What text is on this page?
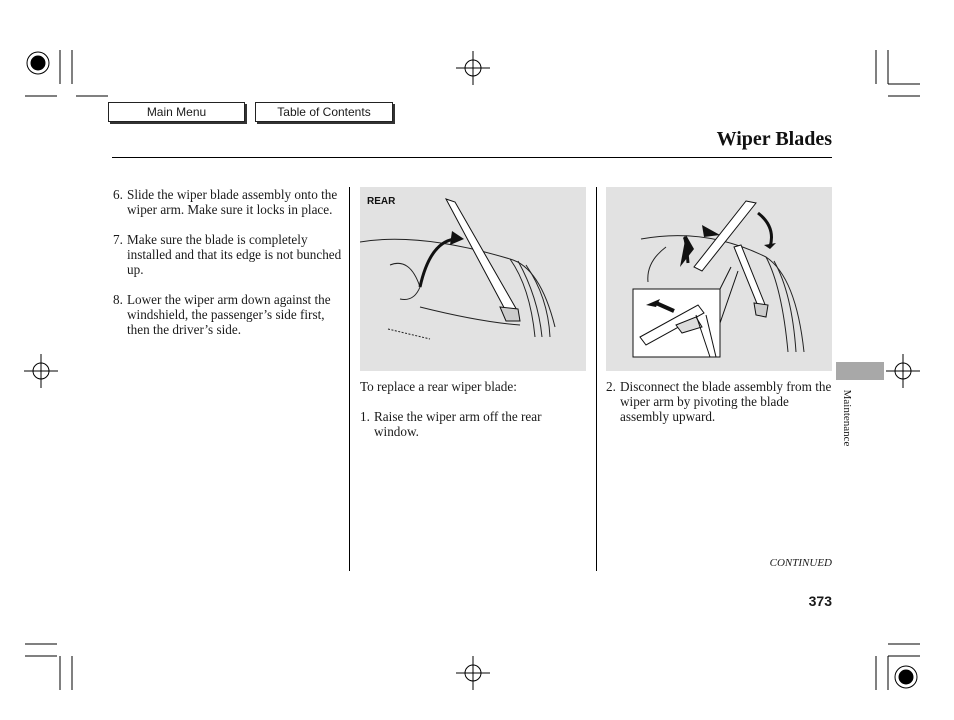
Main Menu	Table of Contents
Wiper Blades
6. Slide the wiper blade assembly onto the wiper arm. Make sure it locks in place.
7. Make sure the blade is completely installed and that its edge is not bunched up.
8. Lower the wiper arm down against the windshield, the passenger’s side first, then the driver’s side.
REAR
To replace a rear wiper blade:
1. Raise the wiper arm off the rear window.
2. Disconnect the blade assembly from the wiper arm by pivoting the blade assembly upward.
CONTINUED
373
Maintenance
